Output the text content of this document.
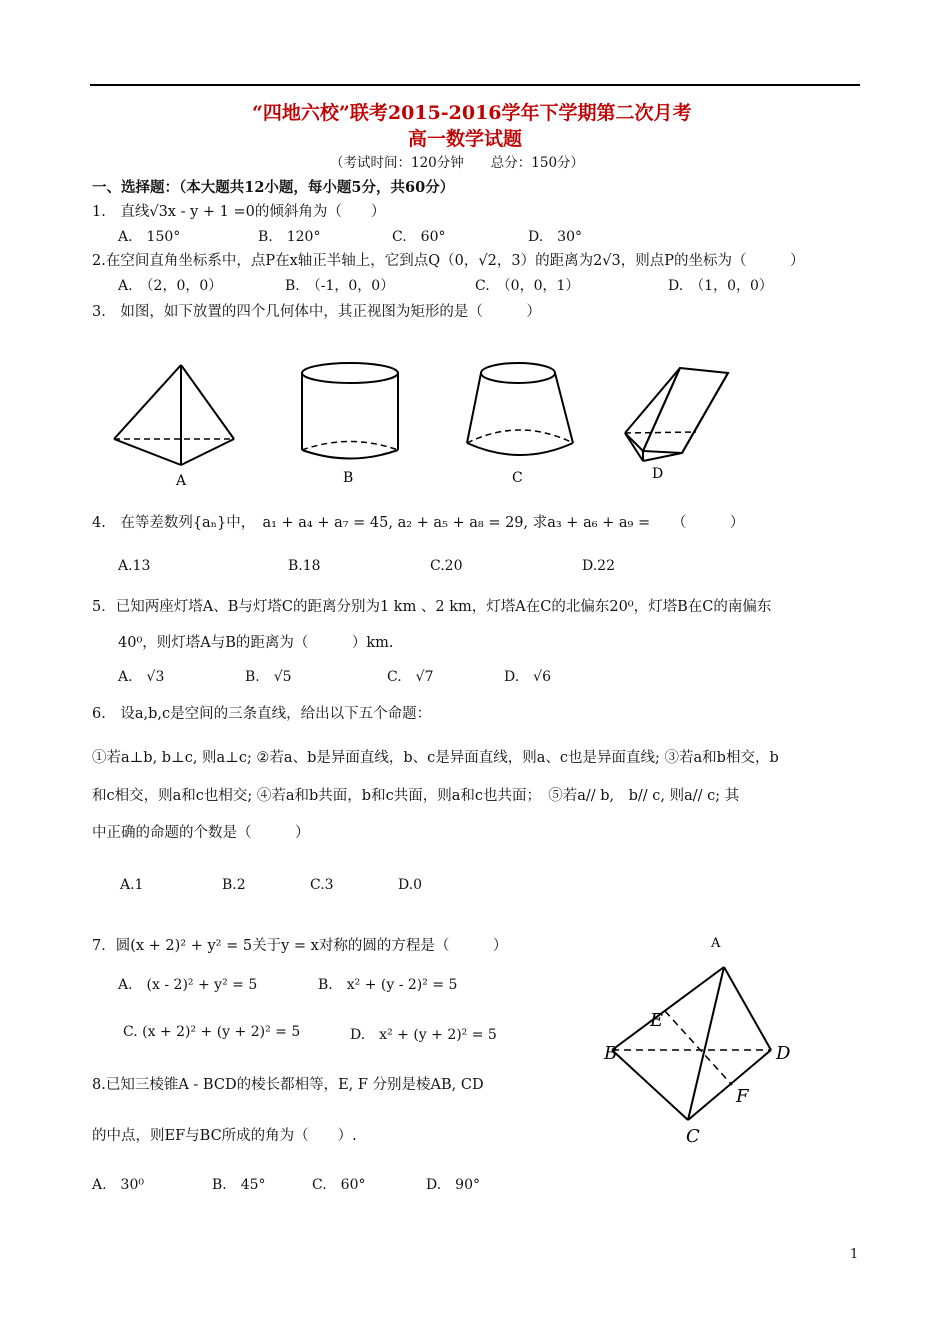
“四地六校”联考2015-2016学年下学期第二次月考
高一数学试题
（考试时间：120分钟　　总分：150分）
一、选择题：（本大题共12小题，每小题5分，共60分）
1.　直线√3x - y + 1 =0的倾斜角为（　　）
A.　150°	B.　120°	C.　60°	D.　30°
2.在空间直角坐标系中，点P在x轴正半轴上，它到点Q（0，√2，3）的距离为2√3，则点P的坐标为（　　　）
A.　（2，0，0）	B.　（-1，0，0）	C.　（0，0，1）	D.　（1，0，0）
3.　如图，如下放置的四个几何体中，其正视图为矩形的是（　　　）
A	B	C	D
4.　在等差数列{aₙ}中，　a₁ + a₄ + a₇ = 45, a₂ + a₅ + a₈ = 29, 求a₃ + a₆ + a₉ =　　（　　　）
A.13	B.18	C.20	D.22
5．已知两座灯塔A、B与灯塔C的距离分别为1 km 、2 km，灯塔A在C的北偏东20⁰，灯塔B在C的南偏东
40⁰，则灯塔A与B的距离为（　　　）km.
A.　√3	B.　√5	C.　√7	D.　√6
6.　设a,b,c是空间的三条直线，给出以下五个命题：
①若a⊥b, b⊥c, 则a⊥c; ②若a、b是异面直线，b、c是异面直线，则a、c也是异面直线; ③若a和b相交，b
和c相交，则a和c也相交; ④若a和b共面，b和c共面，则a和c也共面；　⑤若a// b,　b// c, 则a// c; 其
中正确的命题的个数是（　　　）
A.1	B.2	C.3	D.0
7．圆(x + 2)² + y² = 5关于y = x对称的圆的方程是（　　　）
A.　(x - 2)² + y² = 5	B.　x² + (y - 2)² = 5
C. (x + 2)² + (y + 2)² = 5	D.　x² + (y + 2)² = 5
8.已知三棱锥A - BCD的棱长都相等，E, F 分别是棱AB, CD
的中点，则EF与BC所成的角为（　　）.
A.　30⁰	B.　45°	C.　60°	D.　90°
A
E
B	D
F
C
1
